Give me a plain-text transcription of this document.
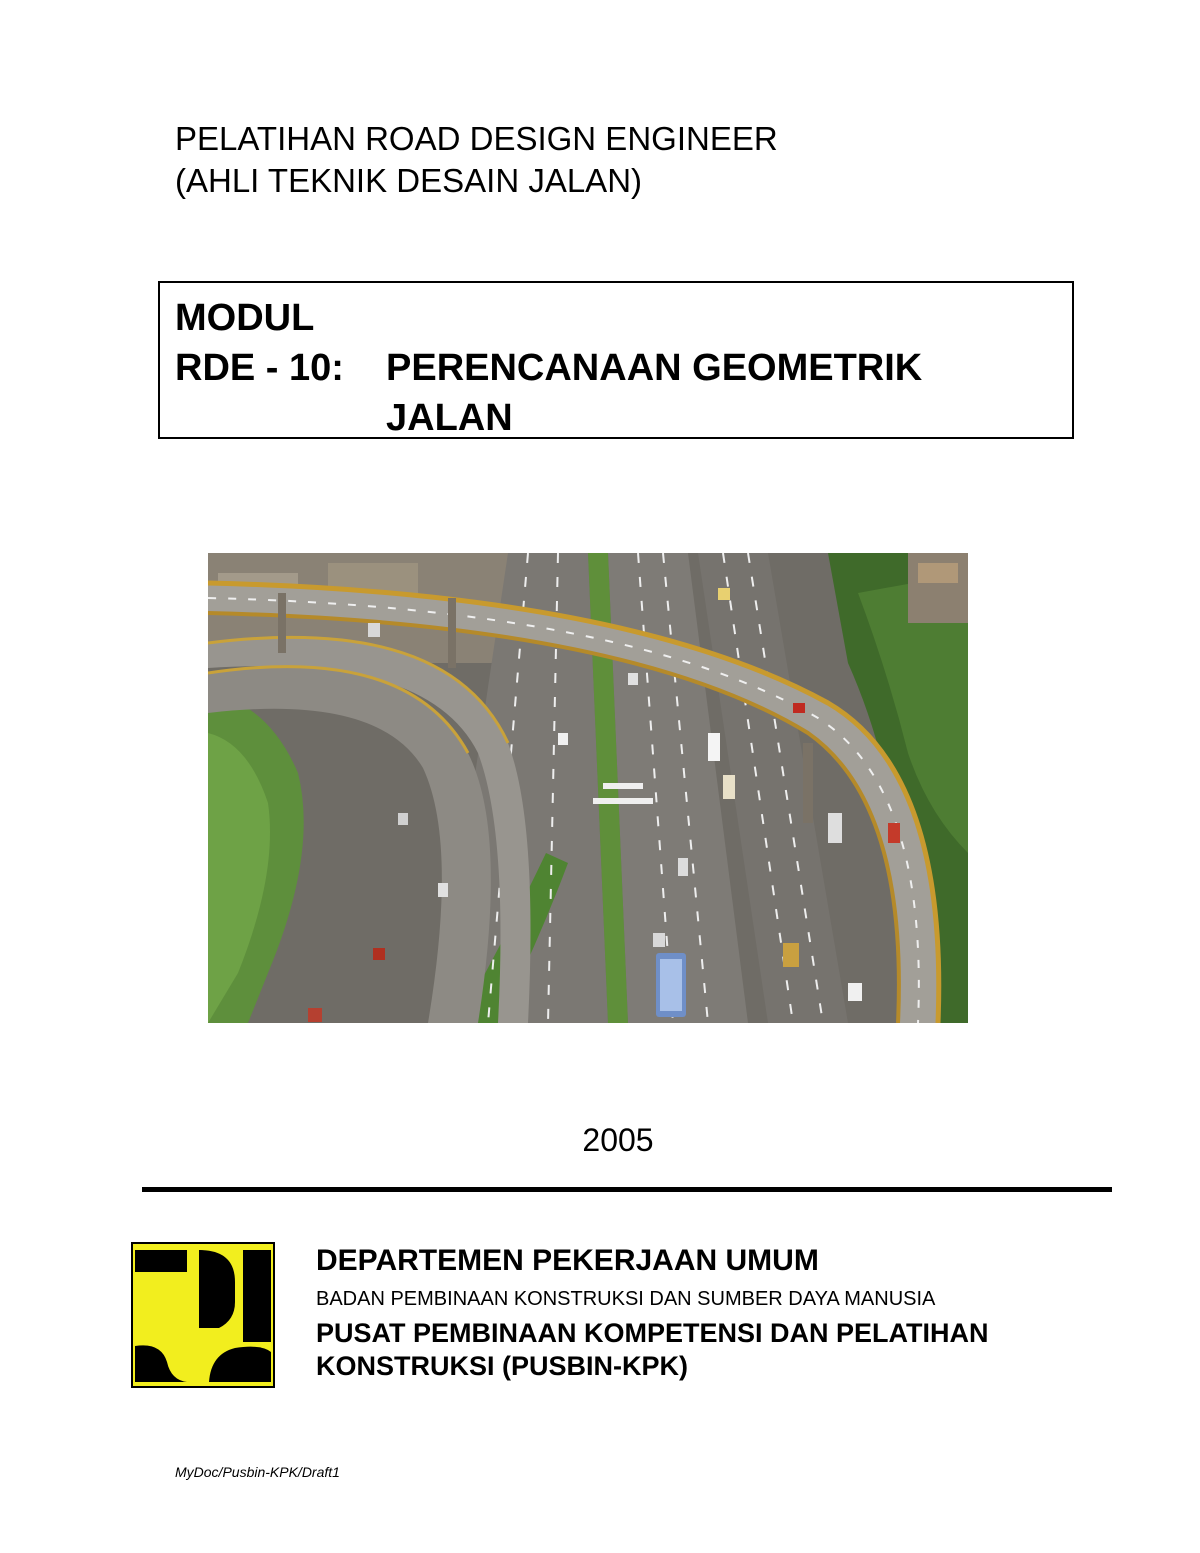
PELATIHAN ROAD DESIGN ENGINEER
(AHLI TEKNIK DESAIN JALAN)
MODUL
RDE - 10: PERENCANAAN GEOMETRIK
JALAN
2005
DEPARTEMEN PEKERJAAN UMUM
BADAN PEMBINAAN KONSTRUKSI DAN SUMBER DAYA MANUSIA
PUSAT PEMBINAAN KOMPETENSI DAN PELATIHAN
KONSTRUKSI (PUSBIN-KPK)
MyDoc/Pusbin-KPK/Draft1
